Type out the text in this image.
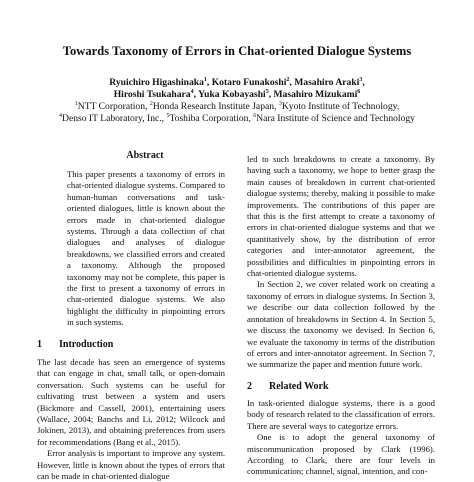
Towards Taxonomy of Errors in Chat-oriented Dialogue Systems
Ryuichiro Higashinaka$^1$, Kotaro Funakoshi$^2$, Masahiro Araki$^3$,
Hiroshi Tsukahara$^4$, Yuka Kobayashi$^5$, Masahiro Mizukami$^6$
$^1$NTT Corporation, $^2$Honda Research Institute Japan, $^3$Kyoto Institute of Technology,
$^4$Denso IT Laboratory, Inc., $^5$Toshiba Corporation, $^6$Nara Institute of Science and Technology
Abstract

This paper presents a taxonomy of errors in chat-oriented dialogue systems. Compared to human-human conversations and task-oriented dialogues, little is known about the errors made in chat-oriented dialogue systems. Through a data collection of chat dialogues and analyses of dialogue breakdowns, we classified errors and created a taxonomy. Although the proposed taxonomy may not be complete, this paper is the first to present a taxonomy of errors in chat-oriented dialogue systems. We also highlight the difficulty in pinpointing errors in such systems.

1 Introduction

The last decade has seen an emergence of systems that can engage in chat, small talk, or open-domain conversation. Such systems can be useful for cultivating trust between a system and users (Bickmore and Cassell, 2001), entertaining users (Wallace, 2004; Banchs and Li, 2012; Wilcock and Jokinen, 2013), and obtaining preferences from users for recommendations (Bang et al., 2015).

Error analysis is important to improve any system. However, little is known about the types of errors that can be made in chat-oriented dialogue

led to such breakdowns to create a taxonomy. By having such a taxonomy, we hope to better grasp the main causes of breakdown in current chat-oriented dialogue systems; thereby, making it possible to make improvements. The contributions of this paper are that this is the first attempt to create a taxonomy of errors in chat-oriented dialogue systems and that we quantitatively show, by the distribution of error categories and inter-annotator agreement, the possibilities and difficulties in pinpointing errors in chat-oriented dialogue systems.

In Section 2, we cover related work on creating a taxonomy of errors in dialogue systems. In Section 3, we describe our data collection followed by the annotation of breakdowns in Section 4. In Section 5, we discuss the taxonomy we devised. In Section 6, we evaluate the taxonomy in terms of the distribution of errors and inter-annotator agreement. In Section 7, we summarize the paper and mention future work.

2 Related Work

In task-oriented dialogue systems, there is a good body of research related to the classification of errors. There are several ways to categorize errors.

One is to adopt the general taxonomy of miscommunication proposed by Clark (1996). According to Clark, there are four levels in communication; channel, signal, intention, and con-
